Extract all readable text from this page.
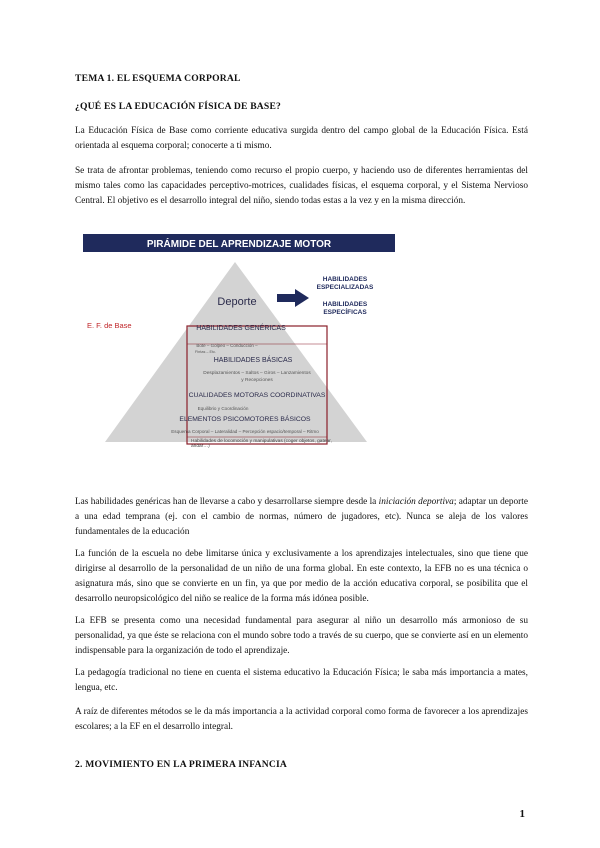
TEMA 1. EL ESQUEMA CORPORAL
¿QUÉ ES LA EDUCACIÓN FÍSICA DE BASE?

La Educación Física de Base como corriente educativa surgida dentro del campo global de la Educación Física. Está orientada al esquema corporal; conocerte a ti mismo.

Se trata de afrontar problemas, teniendo como recurso el propio cuerpo, y haciendo uso de diferentes herramientas del mismo tales como las capacidades perceptivo-motrices, cualidades físicas, el esquema corporal, y el Sistema Nervioso Central. El objetivo es el desarrollo integral del niño, siendo todas estas a la vez y en la misma dirección.

PIRÁMIDE DEL APRENDIZAJE MOTOR
Deporte
HABILIDADES
ESPECIALIZADAS
HABILIDADES
ESPECÍFICAS
E. F. de Base	HABILIDADES GENÉRICAS
Bote – Golpeo – Conducción –
Fintas – Etc.
HABILIDADES BÁSICAS
Desplazamientos – Saltos – Giros – Lanzamientos
y Recepciones
CUALIDADES MOTORAS COORDINATIVAS
Equilibrio y Coordinación
ELEMENTOS PSICOMOTORES BÁSICOS
Esquema Corporal – Lateralidad – Percepción espacio/temporal – Ritmo
Habilidades de locomoción y manipulativas (coger objetos, gatear,
andar…)

Las habilidades genéricas han de llevarse a cabo y desarrollarse siempre desde la iniciación deportiva; adaptar un deporte a una edad temprana (ej. con el cambio de normas, número de jugadores, etc). Nunca se aleja de los valores fundamentales de la educación

La función de la escuela no debe limitarse única y exclusivamente a los aprendizajes intelectuales, sino que tiene que dirigirse al desarrollo de la personalidad de un niño de una forma global. En este contexto, la EFB no es una técnica o asignatura más, sino que se convierte en un fin, ya que por medio de la acción educativa corporal, se posibilita que el desarrollo neuropsicológico del niño se realice de la forma más idónea posible.

La EFB se presenta como una necesidad fundamental para asegurar al niño un desarrollo más armonioso de su personalidad, ya que éste se relaciona con el mundo sobre todo a través de su cuerpo, que se convierte así en un elemento indispensable para la organización de todo el aprendizaje.

La pedagogía tradicional no tiene en cuenta el sistema educativo la Educación Física; le saba más importancia a mates, lengua, etc.

A raíz de diferentes métodos se le da más importancia a la actividad corporal como forma de favorecer a los aprendizajes escolares; a la EF en el desarrollo integral.

2. MOVIMIENTO EN LA PRIMERA INFANCIA
1
